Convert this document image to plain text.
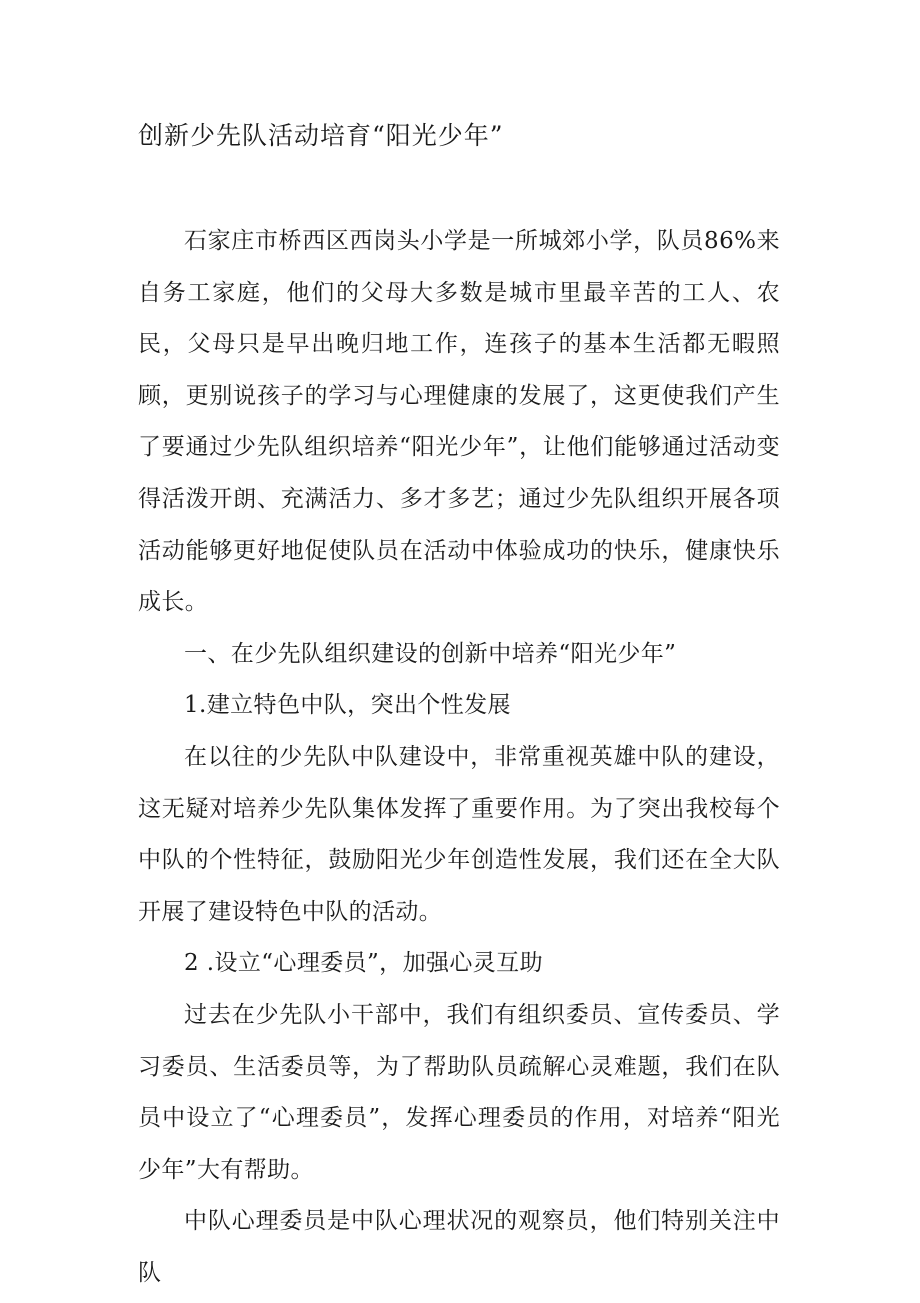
创新少先队活动培育“阳光少年”

石家庄市桥西区西岗头小学是一所城郊小学，队员86%来自务工家庭，他们的父母大多数是城市里最辛苦的工人、农民，父母只是早出晚归地工作，连孩子的基本生活都无暇照顾，更别说孩子的学习与心理健康的发展了，这更使我们产生了要通过少先队组织培养“阳光少年”，让他们能够通过活动变得活泼开朗、充满活力、多才多艺；通过少先队组织开展各项活动能够更好地促使队员在活动中体验成功的快乐，健康快乐成长。

一、在少先队组织建设的创新中培养“阳光少年”

1.建立特色中队，突出个性发展

在以往的少先队中队建设中，非常重视英雄中队的建设，这无疑对培养少先队集体发挥了重要作用。为了突出我校每个中队的个性特征，鼓励阳光少年创造性发展，我们还在全大队开展了建设特色中队的活动。

2 .设立“心理委员”，加强心灵互助

过去在少先队小干部中，我们有组织委员、宣传委员、学习委员、生活委员等，为了帮助队员疏解心灵难题，我们在队员中设立了“心理委员”，发挥心理委员的作用，对培养“阳光少年”大有帮助。

中队心理委员是中队心理状况的观察员，他们特别关注中队
